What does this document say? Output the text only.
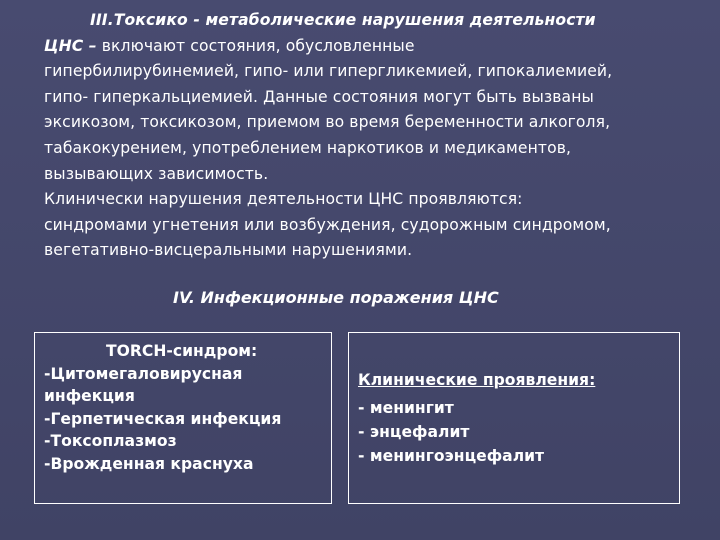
III.Токсико - метаболические нарушения деятельности
ЦНС – включают состояния, обусловленные
гипербилирубинемией, гипо- или гипергликемией, гипокалиемией,
гипо- гиперкальциемией. Данные состояния могут быть вызваны
эксикозом, токсикозом, приемом во время беременности алкоголя,
табакокурением, употреблением наркотиков и медикаментов,
вызывающих зависимость.
Клинически нарушения деятельности ЦНС проявляются:
синдромами угнетения или возбуждения, судорожным синдромом,
вегетативно-висцеральными нарушениями.
IV. Инфекционные поражения ЦНС
TORCH-синдром:
-Цитомегаловирусная
инфекция
-Герпетическая инфекция
-Токсоплазмоз
-Врожденная краснуха
Клинические проявления:
- менингит
- энцефалит
- менингоэнцефалит
